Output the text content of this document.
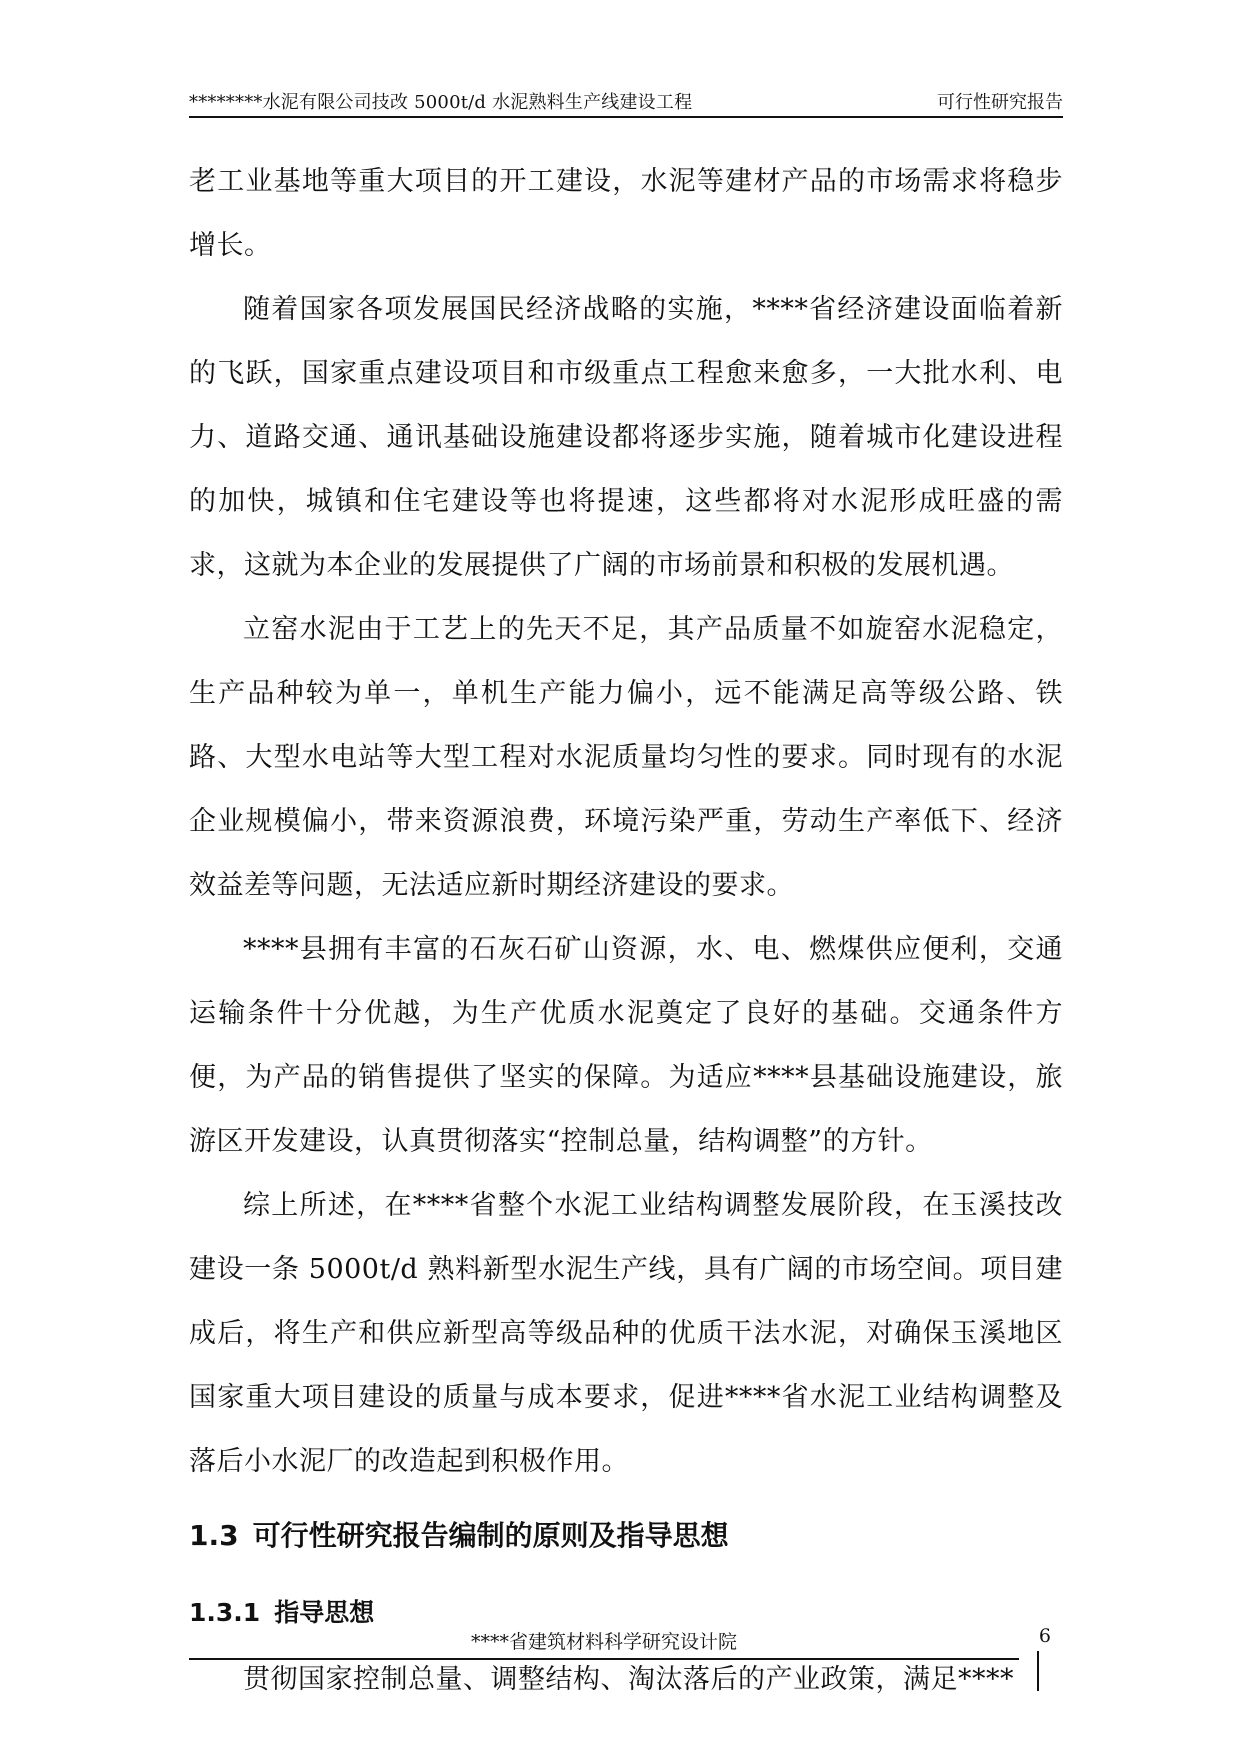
********水泥有限公司技改 5000t/d 水泥熟料生产线建设工程	可行性研究报告

老工业基地等重大项目的开工建设，水泥等建材产品的市场需求将稳步增长。

随着国家各项发展国民经济战略的实施，****省经济建设面临着新的飞跃，国家重点建设项目和市级重点工程愈来愈多，一大批水利、电力、道路交通、通讯基础设施建设都将逐步实施，随着城市化建设进程的加快，城镇和住宅建设等也将提速，这些都将对水泥形成旺盛的需求，这就为本企业的发展提供了广阔的市场前景和积极的发展机遇。

立窑水泥由于工艺上的先天不足，其产品质量不如旋窑水泥稳定，生产品种较为单一，单机生产能力偏小，远不能满足高等级公路、铁路、大型水电站等大型工程对水泥质量均匀性的要求。同时现有的水泥企业规模偏小，带来资源浪费，环境污染严重，劳动生产率低下、经济效益差等问题，无法适应新时期经济建设的要求。

****县拥有丰富的石灰石矿山资源，水、电、燃煤供应便利，交通运输条件十分优越，为生产优质水泥奠定了良好的基础。交通条件方便，为产品的销售提供了坚实的保障。为适应****县基础设施建设，旅游区开发建设，认真贯彻落实“控制总量，结构调整”的方针。

综上所述，在****省整个水泥工业结构调整发展阶段，在玉溪技改建设一条 5000t/d 熟料新型水泥生产线，具有广阔的市场空间。项目建成后，将生产和供应新型高等级品种的优质干法水泥，对确保玉溪地区国家重大项目建设的质量与成本要求，促进****省水泥工业结构调整及落后小水泥厂的改造起到积极作用。

1.3 可行性研究报告编制的原则及指导思想
1.3.1 指导思想

贯彻国家控制总量、调整结构、淘汰落后的产业政策，满足****

****省建筑材料科学研究设计院	6
